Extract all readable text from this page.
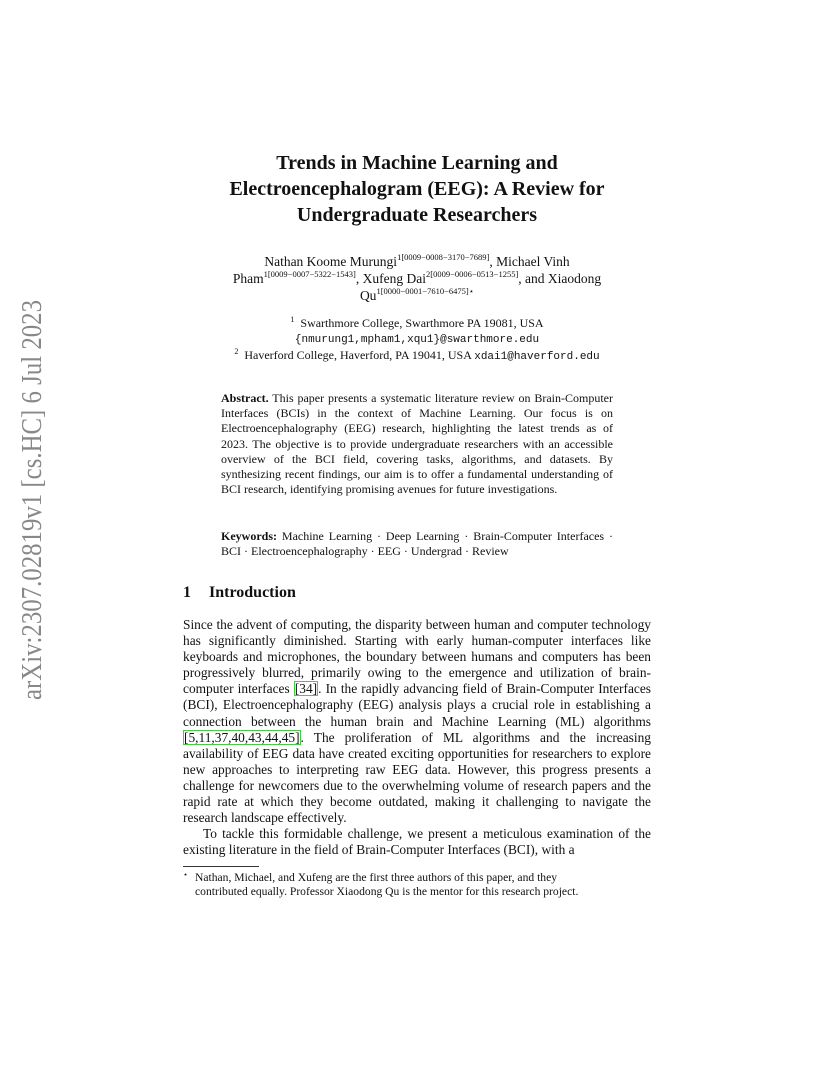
arXiv:2307.02819v1 [cs.HC] 6 Jul 2023
Trends in Machine Learning and
Electroencephalogram (EEG): A Review for
Undergraduate Researchers
Nathan Koome Murungi$^{1[0009-0008-3170-7689]}$, Michael Vinh
Pham$^{1[0009-0007-5322-1543]}$, Xufeng Dai$^{2[0009-0006-0513-1255]}$, and Xiaodong
$Qu^{1[0000-0001-7610-6475]⋆}$
$^1$ Swarthmore College, Swarthmore PA 19081, USA
{nmurung1,mpham1,xqu1}@swarthmore.edu
$^2$ Haverford College, Haverford, PA 19041, USA xdai1@haverford.edu
Abstract. This paper presents a systematic literature review on Brain-Computer Interfaces (BCIs) in the context of Machine Learning. Our focus is on Electroencephalography (EEG) research, highlighting the latest trends as of 2023. The objective is to provide undergraduate researchers with an accessible overview of the BCI field, covering tasks, algorithms, and datasets. By synthesizing recent findings, our aim is to offer a fundamental understanding of BCI research, identifying promising avenues for future investigations.
Keywords: Machine Learning · Deep Learning · Brain-Computer Interfaces · BCI · Electroencephalography · EEG · Undergrad · Review
1 Introduction

Since the advent of computing, the disparity between human and computer technology has significantly diminished. Starting with early human-computer interfaces like keyboards and microphones, the boundary between humans and computers has been progressively blurred, primarily owing to the emergence and utilization of brain-computer interfaces [34]. In the rapidly advancing field of Brain-Computer Interfaces (BCI), Electroencephalography (EEG) analysis plays a crucial role in establishing a connection between the human brain and Machine Learning (ML) algorithms [5,11,37,40,43,44,45]. The proliferation of ML algorithms and the increasing availability of EEG data have created exciting opportunities for researchers to explore new approaches to interpreting raw EEG data. However, this progress presents a challenge for newcomers due to the overwhelming volume of research papers and the rapid rate at which they become outdated, making it challenging to navigate the research landscape effectively.

To tackle this formidable challenge, we present a meticulous examination of the existing literature in the field of Brain-Computer Interfaces (BCI), with a

⋆ Nathan, Michael, and Xufeng are the first three authors of this paper, and they
contributed equally. Professor Xiaodong Qu is the mentor for this research project.
